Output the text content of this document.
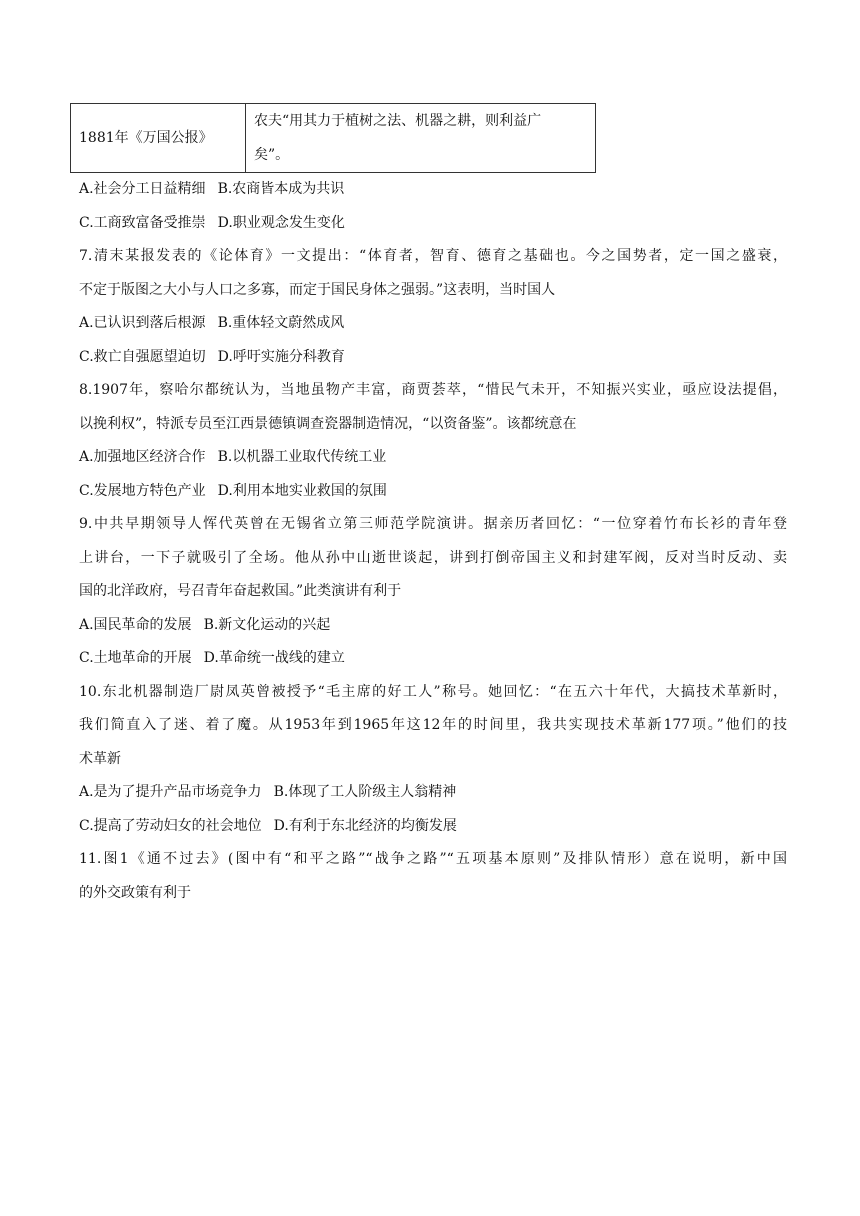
1881年《万国公报》	
农夫“用其力于植树之法、机器之耕，则利益广
矣”。
A.社会分工日益精细 B.农商皆本成为共识
C.工商致富备受推崇 D.职业观念发生变化
7.清末某报发表的《论体育》一文提出：“体育者，智育、德育之基础也。今之国势者，定一国之盛衰，
不定于版图之大小与人口之多寡，而定于国民身体之强弱。”这表明，当时国人
A.已认识到落后根源 B.重体轻文蔚然成风
C.救亡自强愿望迫切 D.呼吁实施分科教育
8.1907年，察哈尔都统认为，当地虽物产丰富，商贾荟萃，“惜民气未开，不知振兴实业，亟应设法提倡，
以挽利权”，特派专员至江西景德镇调查瓷器制造情况，“以资备鉴”。该都统意在
A.加强地区经济合作 B.以机器工业取代传统工业
C.发展地方特色产业 D.利用本地实业救国的氛围
9.中共早期领导人恽代英曾在无锡省立第三师范学院演讲。据亲历者回忆：“一位穿着竹布长衫的青年登
上讲台，一下子就吸引了全场。他从孙中山逝世谈起，讲到打倒帝国主义和封建军阀，反对当时反动、卖
国的北洋政府，号召青年奋起救国。”此类演讲有利于
A.国民革命的发展 B.新文化运动的兴起
C.土地革命的开展 D.革命统一战线的建立
10.东北机器制造厂尉凤英曾被授予“毛主席的好工人”称号。她回忆：“在五六十年代，大搞技术革新时，
我们简直入了迷、着了魔。从1953年到1965年这12年的时间里，我共实现技术革新177项。”他们的技
术革新
A.是为了提升产品市场竞争力 B.体现了工人阶级主人翁精神
C.提高了劳动妇女的社会地位 D.有利于东北经济的均衡发展
11.图1《通不过去》(图中有“和平之路”“战争之路”“五项基本原则”及排队情形）意在说明，新中国
的外交政策有利于
